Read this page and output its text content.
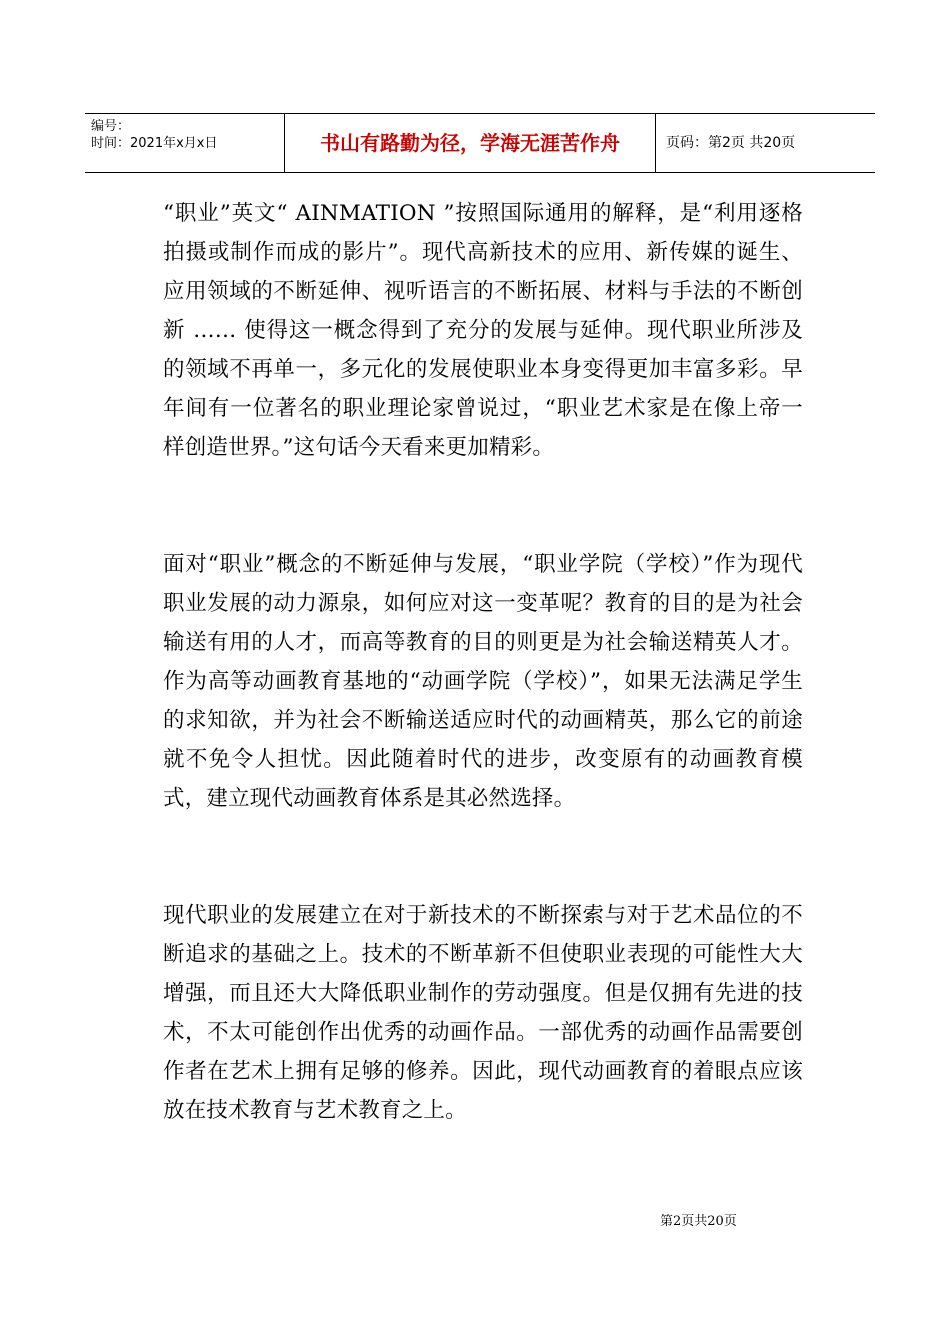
编号：
时间：2021年x月x日	书山有路勤为径，学海无涯苦作舟	页码：第2页 共20页

“职业”英文“ AINMATION ”按照国际通用的解释，是“利用逐格拍摄或制作而成的影片”。现代高新技术的应用、新传媒的诞生、应用领域的不断延伸、视听语言的不断拓展、材料与手法的不断创新 …… 使得这一概念得到了充分的发展与延伸。现代职业所涉及的领域不再单一，多元化的发展使职业本身变得更加丰富多彩。早年间有一位著名的职业理论家曾说过，“职业艺术家是在像上帝一样创造世界。”这句话今天看来更加精彩。

面对“职业”概念的不断延伸与发展，“职业学院（学校）”作为现代职业发展的动力源泉，如何应对这一变革呢？教育的目的是为社会输送有用的人才，而高等教育的目的则更是为社会输送精英人才。作为高等动画教育基地的“动画学院（学校）”，如果无法满足学生的求知欲，并为社会不断输送适应时代的动画精英，那么它的前途就不免令人担忧。因此随着时代的进步，改变原有的动画教育模式，建立现代动画教育体系是其必然选择。

现代职业的发展建立在对于新技术的不断探索与对于艺术品位的不断追求的基础之上。技术的不断革新不但使职业表现的可能性大大增强，而且还大大降低职业制作的劳动强度。但是仅拥有先进的技术，不太可能创作出优秀的动画作品。一部优秀的动画作品需要创作者在艺术上拥有足够的修养。因此，现代动画教育的着眼点应该放在技术教育与艺术教育之上。

第2页共20页
